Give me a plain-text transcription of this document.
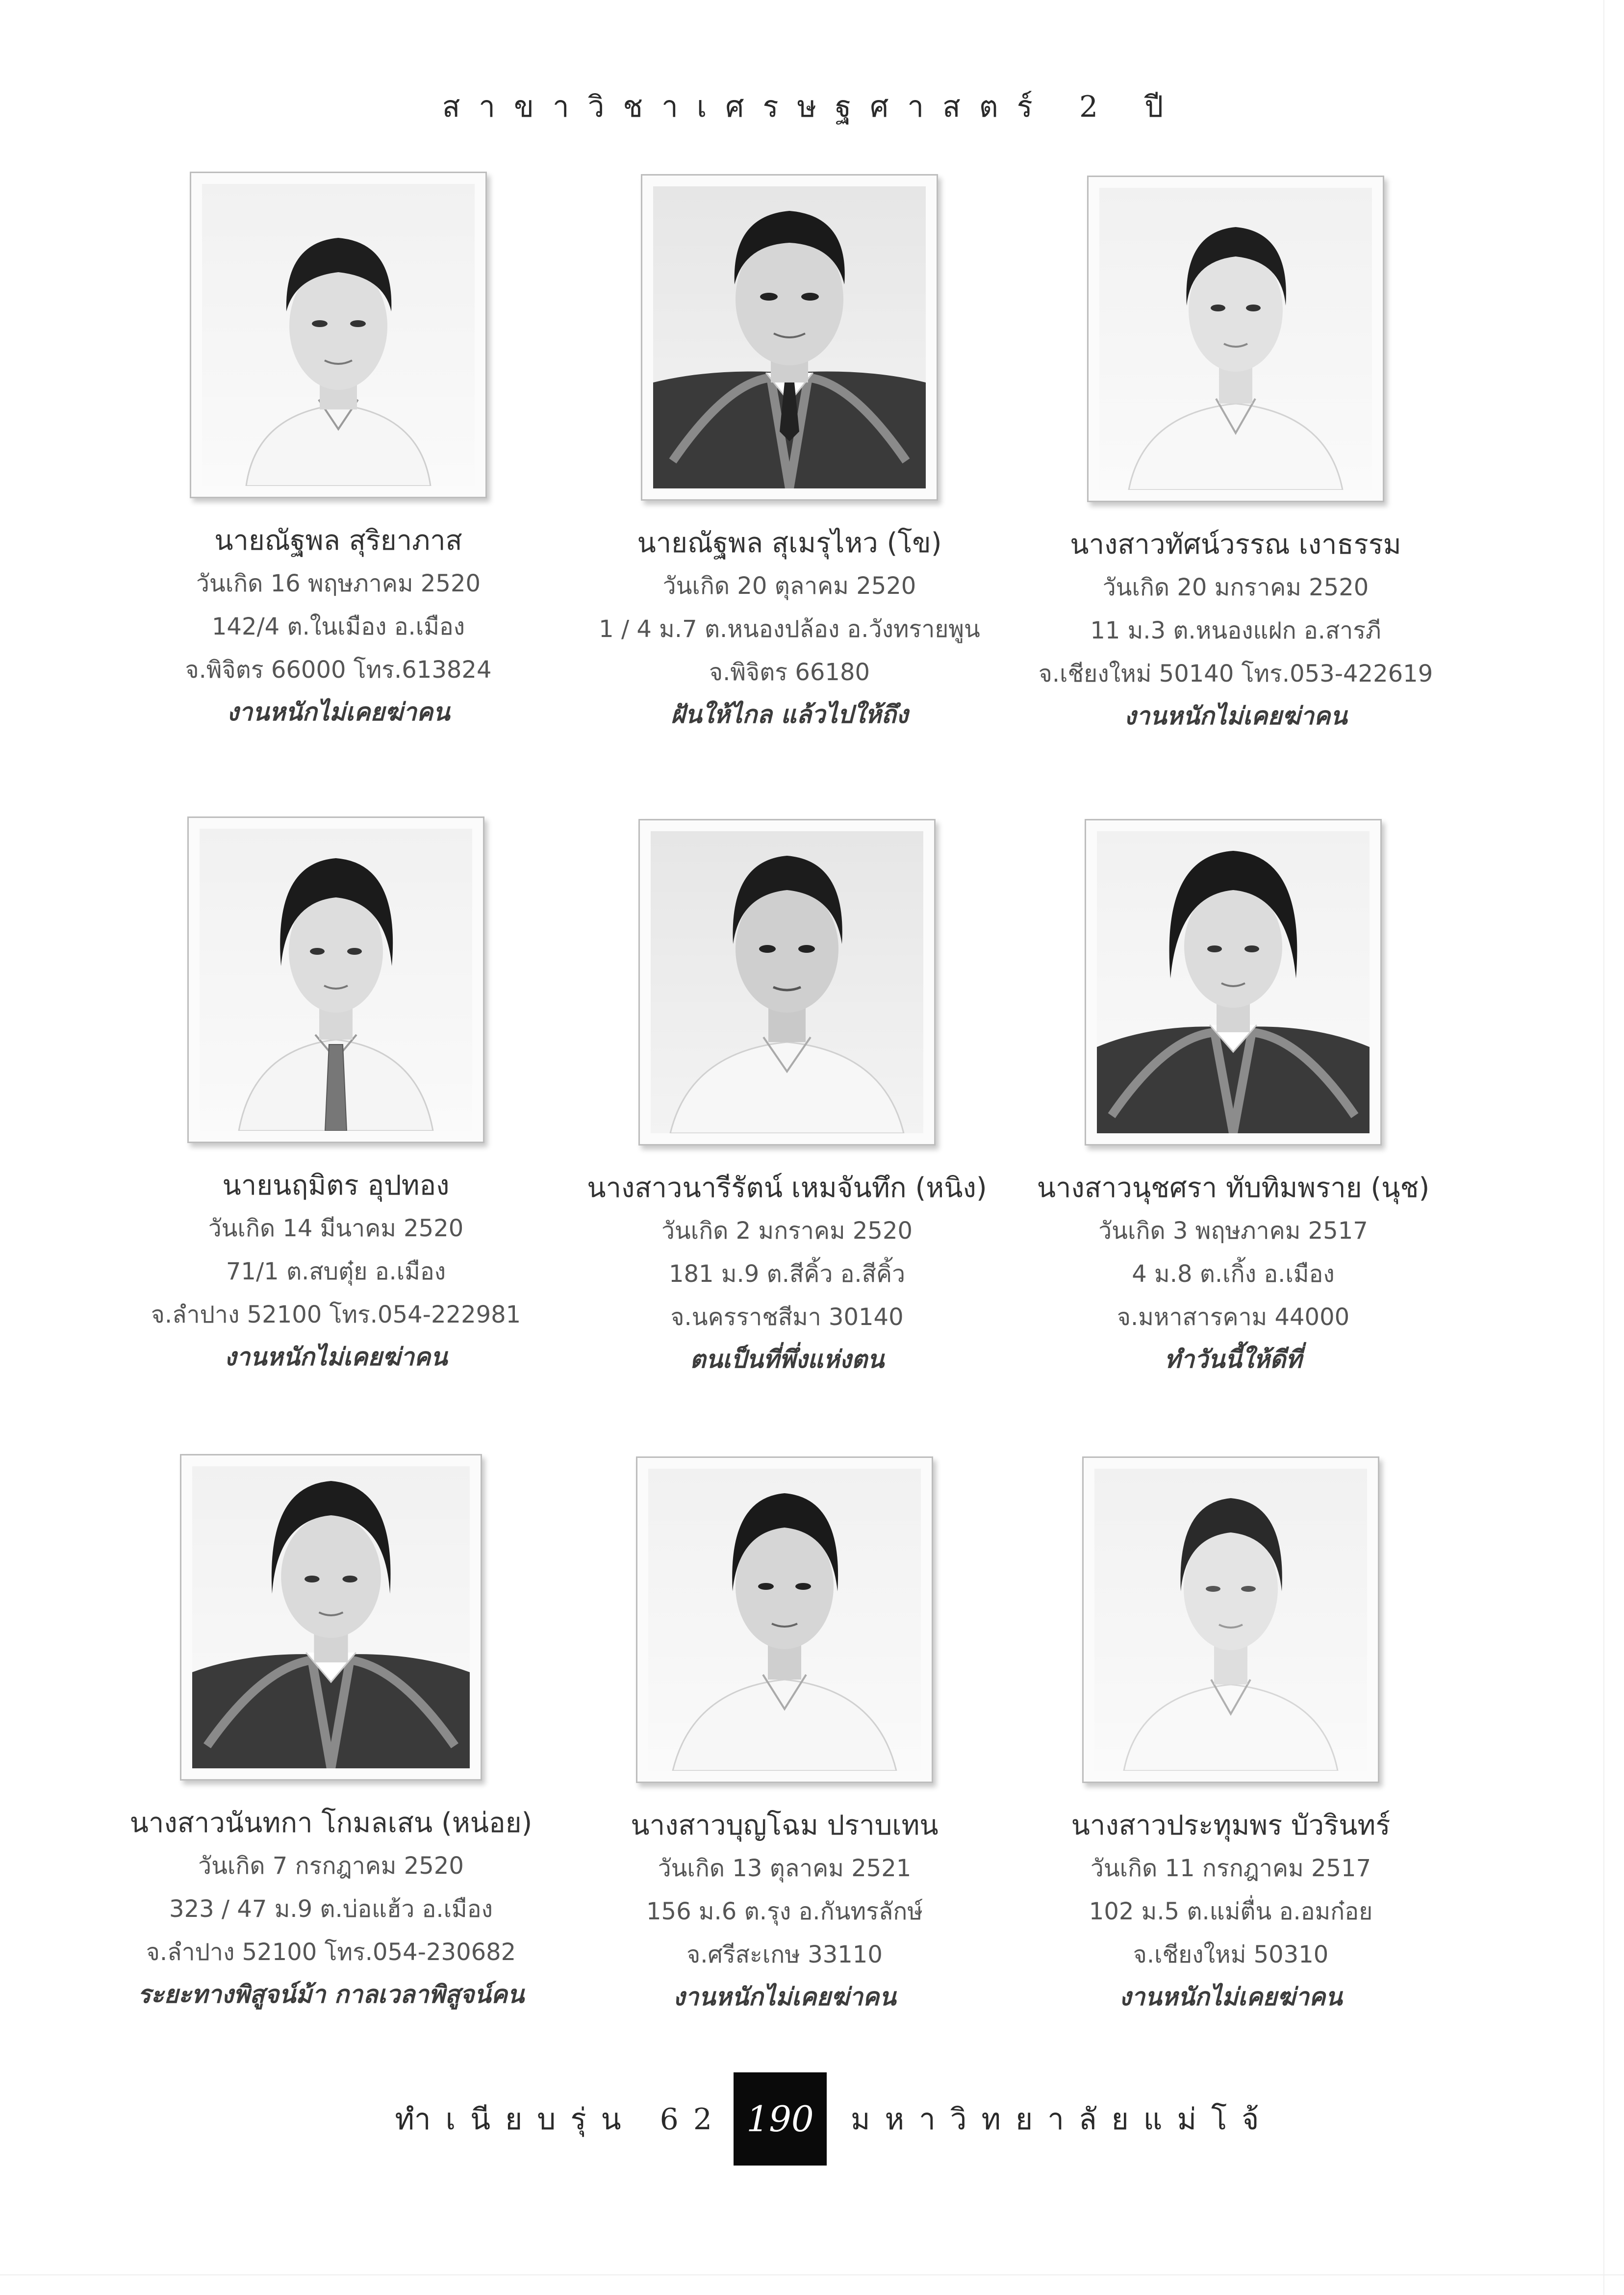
สาขาวิชาเศรษฐศาสตร์ 2 ปี
นายณัฐพล สุริยาภาส
วันเกิด 16 พฤษภาคม 2520
142/4 ต.ในเมือง อ.เมือง
จ.พิจิตร 66000 โทร.613824
งานหนักไม่เคยฆ่าคน
นายณัฐพล สุเมรุไหว (โข)
วันเกิด 20 ตุลาคม 2520
1 / 4 ม.7 ต.หนองปล้อง อ.วังทรายพูน
จ.พิจิตร 66180
ฝันให้ไกล แล้วไปให้ถึง
นางสาวทัศน์วรรณ เงาธรรม
วันเกิด 20 มกราคม 2520
11 ม.3 ต.หนองแฝก อ.สารภี
จ.เชียงใหม่ 50140 โทร.053-422619
งานหนักไม่เคยฆ่าคน
นายนฤมิตร อุปทอง
วันเกิด 14 มีนาคม 2520
71/1 ต.สบตุ๋ย อ.เมือง
จ.ลำปาง 52100 โทร.054-222981
งานหนักไม่เคยฆ่าคน
นางสาวนารีรัตน์ เหมจันทึก (หนิง)
วันเกิด 2 มกราคม 2520
181 ม.9 ต.สีคิ้ว อ.สีคิ้ว
จ.นครราชสีมา 30140
ตนเป็นที่พึ่งแห่งตน
นางสาวนุชศรา ทับทิมพราย (นุช)
วันเกิด 3 พฤษภาคม 2517
4 ม.8 ต.เกิ้ง อ.เมือง
จ.มหาสารคาม 44000
ทำวันนี้ให้ดีที่
นางสาวนันทกา โกมลเสน (หน่อย)
วันเกิด 7 กรกฎาคม 2520
323 / 47 ม.9 ต.บ่อแฮ้ว อ.เมือง
จ.ลำปาง 52100 โทร.054-230682
ระยะทางพิสูจน์ม้า กาลเวลาพิสูจน์คน
นางสาวบุญโฉม ปราบเทน
วันเกิด 13 ตุลาคม 2521
156 ม.6 ต.รุง อ.กันทรลักษ์
จ.ศรีสะเกษ 33110
งานหนักไม่เคยฆ่าคน
นางสาวประทุมพร บัวรินทร์
วันเกิด 11 กรกฎาคม 2517
102 ม.5 ต.แม่ตื่น อ.อมก๋อย
จ.เชียงใหม่ 50310
งานหนักไม่เคยฆ่าคน
ทำเนียบรุ่น 62 190	มหาวิทยาลัยแม่โจ้
